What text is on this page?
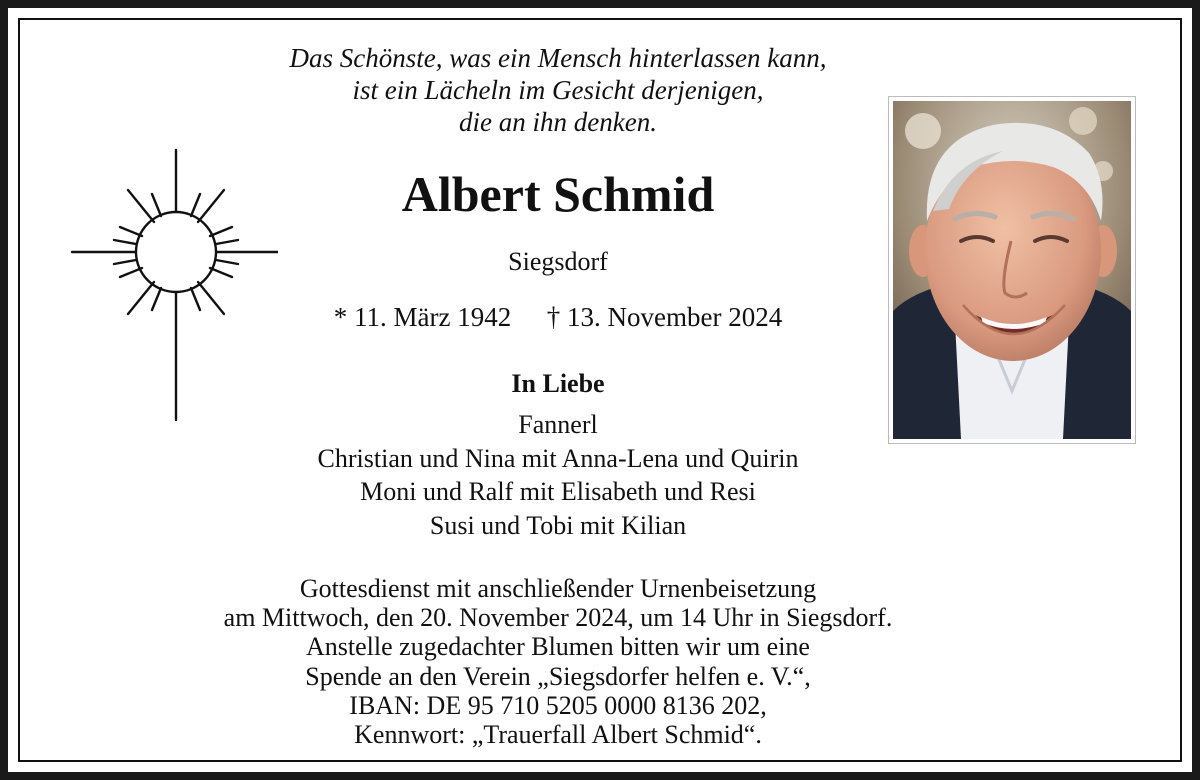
Das Schönste, was ein Mensch hinterlassen kann,
ist ein Lächeln im Gesicht derjenigen,
die an ihn denken.
Albert Schmid
Siegsdorf
* 11. März 1942 † 13. November 2024
In Liebe
Fannerl
Christian und Nina mit Anna-Lena und Quirin
Moni und Ralf mit Elisabeth und Resi
Susi und Tobi mit Kilian
Gottesdienst mit anschließender Urnenbeisetzung
am Mittwoch, den 20. November 2024, um 14 Uhr in Siegsdorf.
Anstelle zugedachter Blumen bitten wir um eine
Spende an den Verein „Siegsdorfer helfen e. V.“,
IBAN: DE 95 710 5205 0000 8136 202,
Kennwort: „Trauerfall Albert Schmid“.
